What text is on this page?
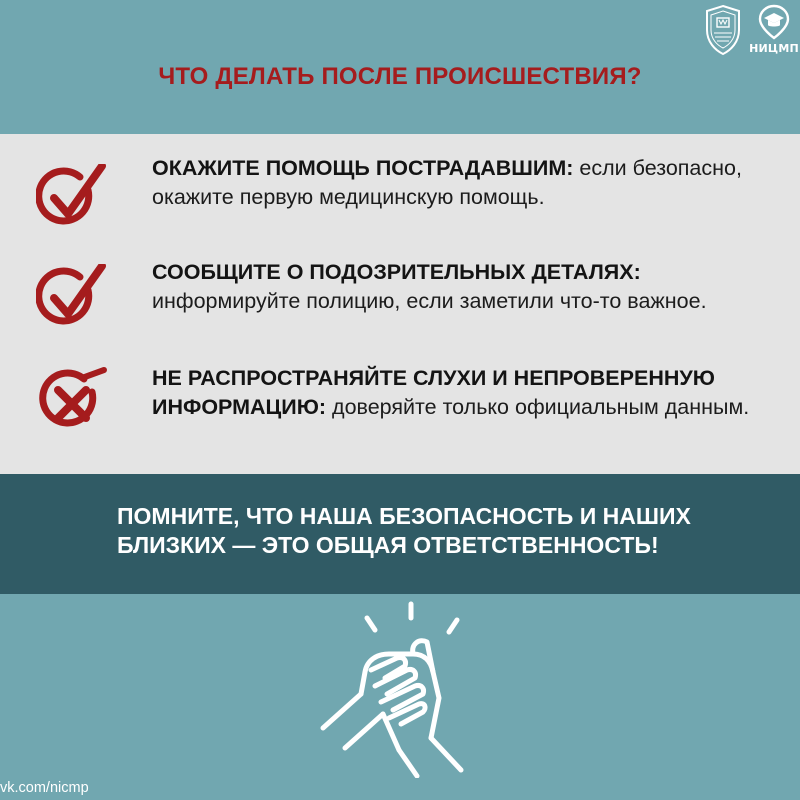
НИЦМП
ЧТО ДЕЛАТЬ ПОСЛЕ ПРОИСШЕСТВИЯ?
ОКАЖИТЕ ПОМОЩЬ ПОСТРАДАВШИМ: если безопасно, окажите первую медицинскую помощь.
СООБЩИТЕ О ПОДОЗРИТЕЛЬНЫХ ДЕТАЛЯХ: информируйте полицию, если заметили что-то важное.
НЕ РАСПРОСТРАНЯЙТЕ СЛУХИ И НЕПРОВЕРЕННУЮ ИНФОРМАЦИЮ: доверяйте только официальным данным.
ПОМНИТЕ, ЧТО НАША БЕЗОПАСНОСТЬ И НАШИХ БЛИЗКИХ — ЭТО ОБЩАЯ ОТВЕТСТВЕННОСТЬ!
vk.com/nicmp
